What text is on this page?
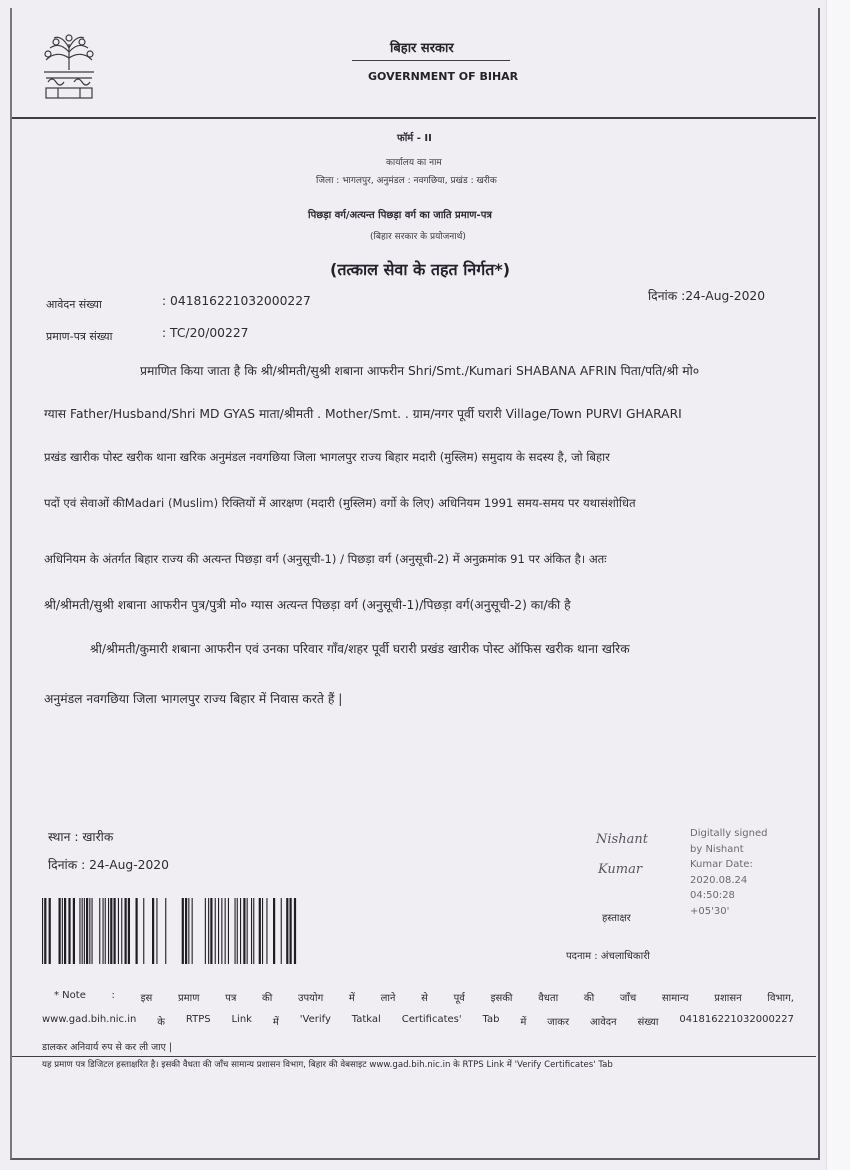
बिहार सरकार
GOVERNMENT OF BIHAR
फॉर्म - II
कार्यालय का नाम
जिला : भागलपुर, अनुमंडल : नवगछिया, प्रखंड : खरीक
पिछड़ा वर्ग/अत्यन्त पिछड़ा वर्ग का जाति प्रमाण-पत्र
(बिहार सरकार के प्रयोजनार्थ)
(तत्काल सेवा के तहत निर्गत*)
आवेदन संख्या	: 041816221032000227	दिनांक :24-Aug-2020
प्रमाण-पत्र संख्या	: TC/20/00227
प्रमाणित किया जाता है कि श्री/श्रीमती/सुश्री शबाना आफरीन Shri/Smt./Kumari SHABANA AFRIN पिता/पति/श्री मो०
ग्यास Father/Husband/Shri MD GYAS माता/श्रीमती . Mother/Smt. . ग्राम/नगर पूर्वी घरारी Village/Town PURVI GHARARI
प्रखंड खारीक पोस्ट खरीक थाना खरिक अनुमंडल नवगछिया जिला भागलपुर राज्य बिहार मदारी (मुस्लिम) समुदाय के सदस्य है, जो बिहार
पदों एवं सेवाओं कीMadari (Muslim) रिक्तियों में आरक्षण (मदारी (मुस्लिम) वर्गो के लिए) अधिनियम 1991 समय-समय पर यथासंशोधित
अधिनियम के अंतर्गत बिहार राज्य की अत्यन्त पिछड़ा वर्ग (अनुसूची-1) / पिछड़ा वर्ग (अनुसूची-2) में अनुक्रमांक 91 पर अंकित है। अतः
श्री/श्रीमती/सुश्री शबाना आफरीन पुत्र/पुत्री मो० ग्यास अत्यन्त पिछड़ा वर्ग (अनुसूची-1)/पिछड़ा वर्ग(अनुसूची-2) का/की है
श्री/श्रीमती/कुमारी शबाना आफरीन एवं उनका परिवार गाँव/शहर पूर्वी घरारी प्रखंड खारीक पोस्ट ऑफिस खरीक थाना खरिक
अनुमंडल नवगछिया जिला भागलपुर राज्य बिहार में निवास करते हैं |
स्थान : खारीक
दिनांक : 24-Aug-2020
Nishant
Kumar
Digitally signed
by Nishant
Kumar Date:
2020.08.24
04:50:28
+05'30'
हस्ताक्षर
पदनाम : अंचलाधिकारी
* Note	:	इस	प्रमाण	पत्र	की	उपयोग	में	लाने	से	पूर्व	इसकी	वैधता	की	जाँच	सामान्य	प्रशासन	विभाग,
www.gad.bih.nic.in के RTPS Link में 'Verify Tatkal Certificates' Tab में जाकर आवेदन संख्या 041816221032000227
डालकर अनिवार्य रुप से कर ली जाए |
यह प्रमाण पत्र डिजिटल हस्ताक्षरित है। इसकी वैधता की जाँच सामान्य प्रशासन विभाग, बिहार की वेबसाइट www.gad.bih.nic.in के RTPS Link में 'Verify Certificates' Tab
